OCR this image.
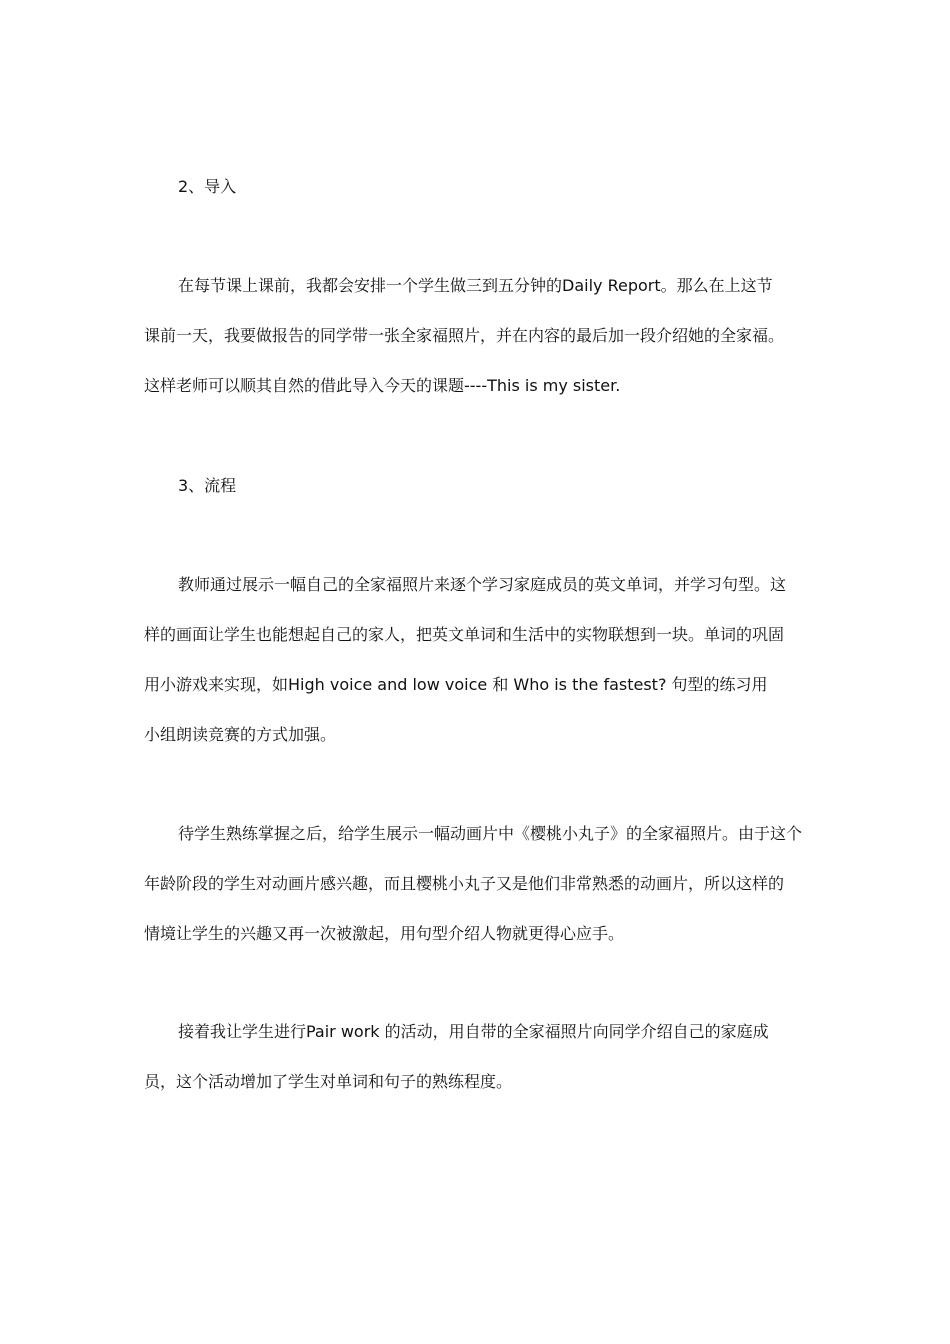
2、导入
在每节课上课前，我都会安排一个学生做三到五分钟的Daily Report。那么在上这节
课前一天，我要做报告的同学带一张全家福照片，并在内容的最后加一段介绍她的全家福。
这样老师可以顺其自然的借此导入今天的课题----This is my sister.
3、流程
教师通过展示一幅自己的全家福照片来逐个学习家庭成员的英文单词，并学习句型。这
样的画面让学生也能想起自己的家人，把英文单词和生活中的实物联想到一块。单词的巩固
用小游戏来实现，如High voice and low voice 和 Who is the fastest? 句型的练习用
小组朗读竞赛的方式加强。
待学生熟练掌握之后，给学生展示一幅动画片中《樱桃小丸子》的全家福照片。由于这个
年龄阶段的学生对动画片感兴趣，而且樱桃小丸子又是他们非常熟悉的动画片，所以这样的
情境让学生的兴趣又再一次被激起，用句型介绍人物就更得心应手。
接着我让学生进行Pair work 的活动，用自带的全家福照片向同学介绍自己的家庭成
员，这个活动增加了学生对单词和句子的熟练程度。
